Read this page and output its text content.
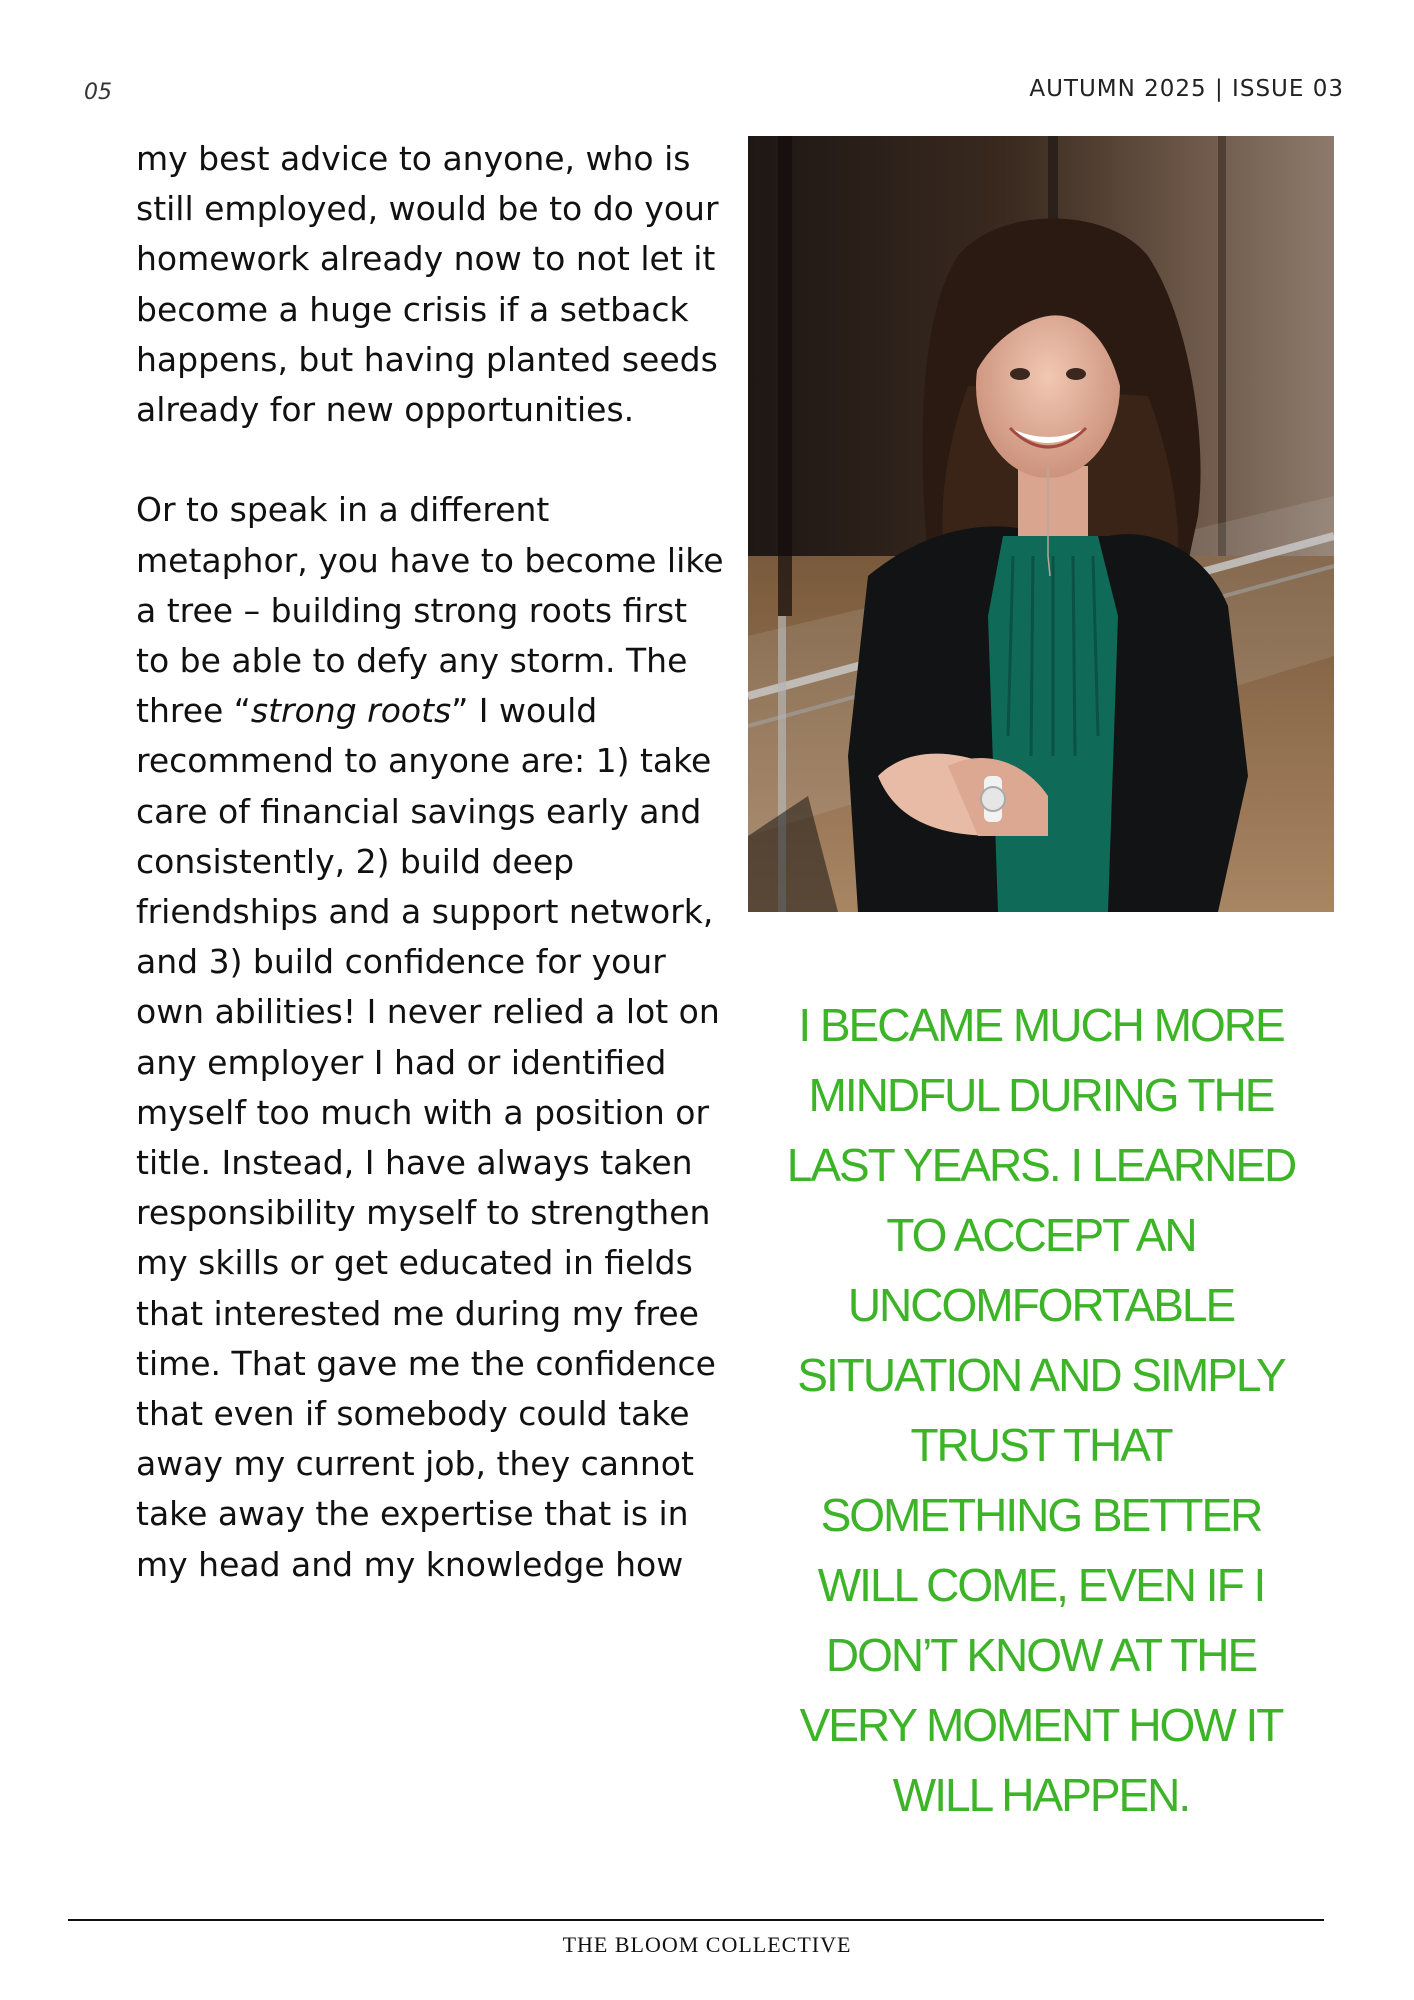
05	AUTUMN 2025 | ISSUE 03

my best advice to anyone, who is still employed, would be to do your homework already now to not let it become a huge crisis if a setback happens, but having planted seeds already for new opportunities.

Or to speak in a different metaphor, you have to become like a tree – building strong roots first to be able to defy any storm. The three “strong roots” I would recommend to anyone are: 1) take care of financial savings early and consistently, 2) build deep friendships and a support network, and 3) build confidence for your own abilities! I never relied a lot on any employer I had or identified myself too much with a position or title. Instead, I have always taken responsibility myself to strengthen my skills or get educated in fields that interested me during my free time. That gave me the confidence that even if somebody could take away my current job, they cannot take away the expertise that is in my head and my knowledge how

I BECAME MUCH MORE
MINDFUL DURING THE
LAST YEARS. I LEARNED
TO ACCEPT AN
UNCOMFORTABLE
SITUATION AND SIMPLY
TRUST THAT
SOMETHING BETTER
WILL COME, EVEN IF I
DON’T KNOW AT THE
VERY MOMENT HOW IT
WILL HAPPEN.
THE BLOOM COLLECTIVE
